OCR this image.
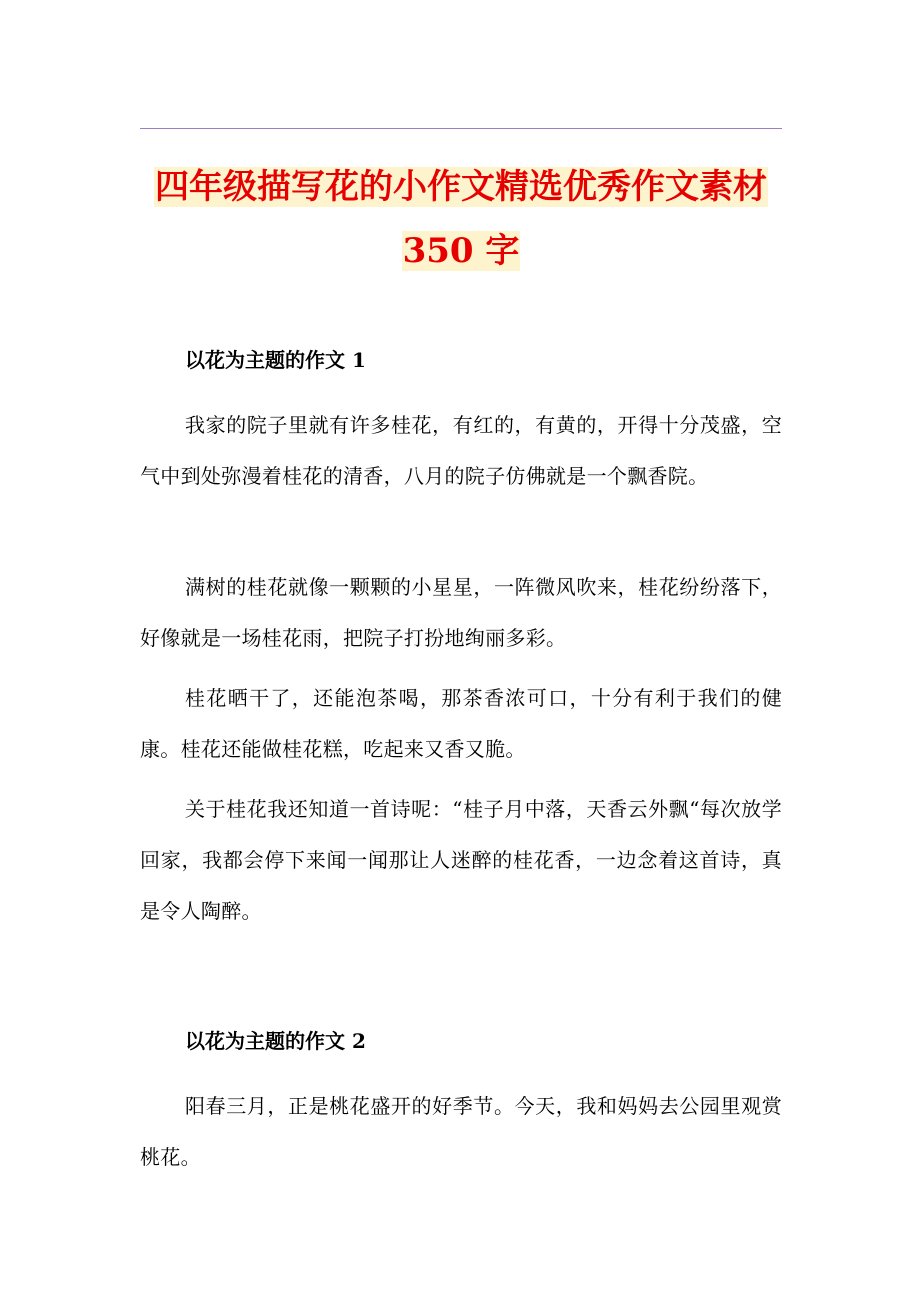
四年级描写花的小作文精选优秀作文素材
350 字
以花为主题的作文 1
我家的院子里就有许多桂花，有红的，有黄的，开得十分茂盛，空气中到处弥漫着桂花的清香，八月的院子仿佛就是一个飘香院。
满树的桂花就像一颗颗的小星星，一阵微风吹来，桂花纷纷落下，好像就是一场桂花雨，把院子打扮地绚丽多彩。
桂花晒干了，还能泡茶喝，那茶香浓可口，十分有利于我们的健康。桂花还能做桂花糕，吃起来又香又脆。
关于桂花我还知道一首诗呢：“桂子月中落，天香云外飘“每次放学回家，我都会停下来闻一闻那让人迷醉的桂花香，一边念着这首诗，真是令人陶醉。
以花为主题的作文 2
阳春三月，正是桃花盛开的好季节。今天，我和妈妈去公园里观赏桃花。
